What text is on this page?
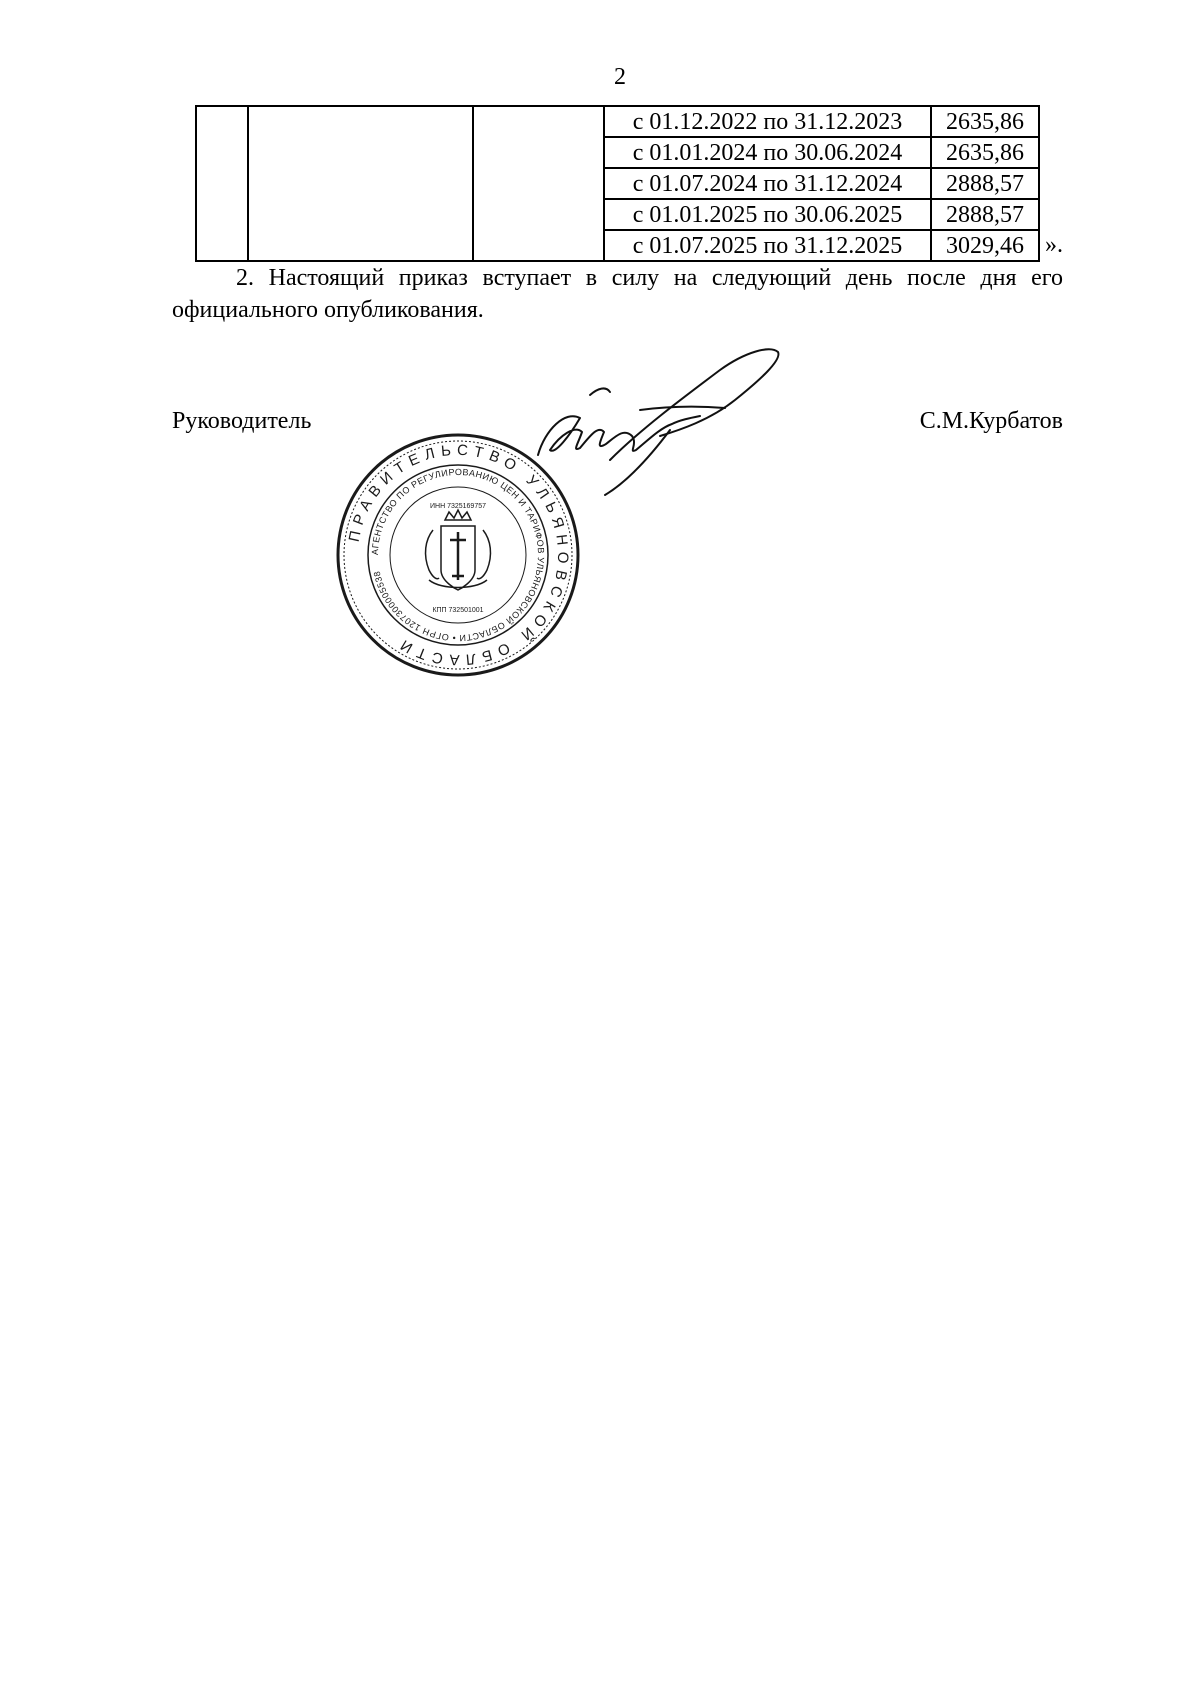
2
			с 01.12.2022 по 31.12.2023	2635,86
			с 01.01.2024 по 30.06.2024	2635,86
			с 01.07.2024 по 31.12.2024	2888,57
			с 01.01.2025 по 30.06.2025	2888,57
			с 01.07.2025 по 31.12.2025	3029,46 ».
2. Настоящий приказ вступает в силу на следующий день после дня его официального опубликования.
Руководитель	С.М.Курбатов
ПРАВИТЕЛЬСТВО УЛЬЯНОВСКОЙ ОБЛАСТИ
АГЕНТСТВО ПО РЕГУЛИРОВАНИЮ ЦЕН И ТАРИФОВ УЛЬЯНОВСКОЙ ОБЛАСТИ • ОГРН 1207300005538
ИНН 7325169757
КПП 732501001
